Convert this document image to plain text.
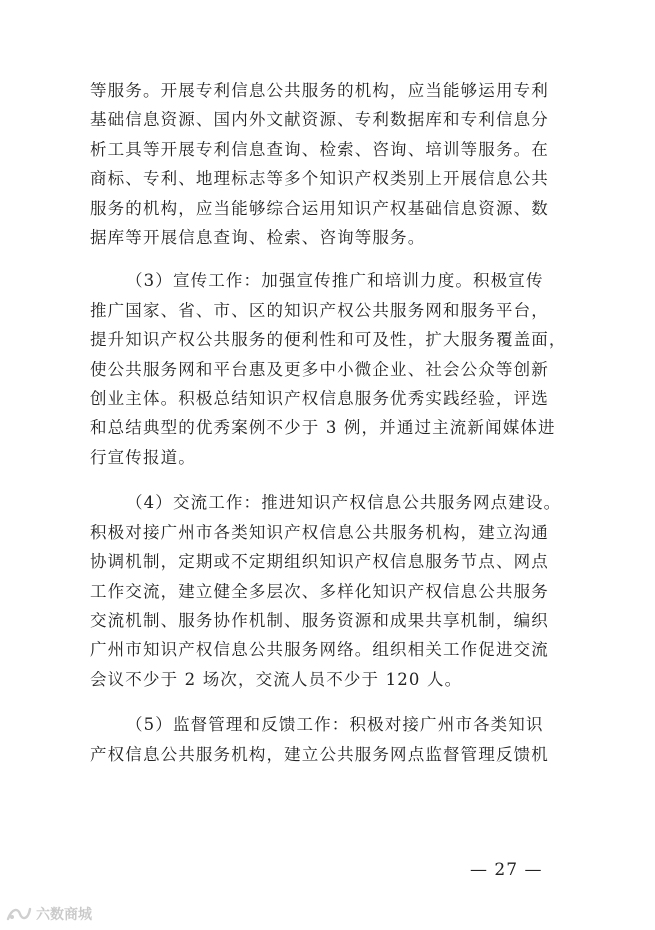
等服务。开展专利信息公共服务的机构，应当能够运用专利

基础信息资源、国内外文献资源、专利数据库和专利信息分

析工具等开展专利信息查询、检索、咨询、培训等服务。在

商标、专利、地理标志等多个知识产权类别上开展信息公共

服务的机构，应当能够综合运用知识产权基础信息资源、数

据库等开展信息查询、检索、咨询等服务。

（3）宣传工作：加强宣传推广和培训力度。积极宣传

推广国家、省、市、区的知识产权公共服务网和服务平台，

提升知识产权公共服务的便利性和可及性，扩大服务覆盖面，

使公共服务网和平台惠及更多中小微企业、社会公众等创新

创业主体。积极总结知识产权信息服务优秀实践经验，评选

和总结典型的优秀案例不少于 3 例，并通过主流新闻媒体进

行宣传报道。

（4）交流工作：推进知识产权信息公共服务网点建设。

积极对接广州市各类知识产权信息公共服务机构，建立沟通

协调机制，定期或不定期组织知识产权信息服务节点、网点

工作交流，建立健全多层次、多样化知识产权信息公共服务

交流机制、服务协作机制、服务资源和成果共享机制，编织

广州市知识产权信息公共服务网络。组织相关工作促进交流

会议不少于 2 场次，交流人员不少于 120 人。

（5）监督管理和反馈工作：积极对接广州市各类知识

产权信息公共服务机构，建立公共服务网点监督管理反馈机

— 27 —
六数商城
